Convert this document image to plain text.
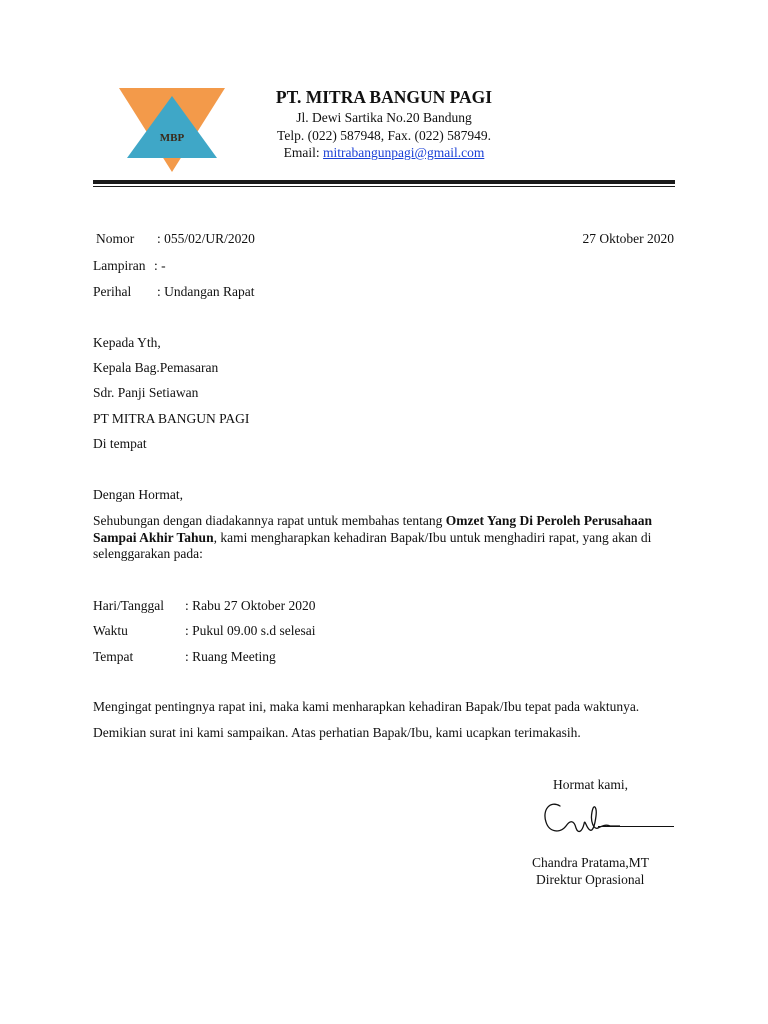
MBP
PT. MITRA BANGUN PAGI
Jl. Dewi Sartika No.20 Bandung
Telp. (022) 587948, Fax. (022) 587949.
Email: mitrabangunpagi@gmail.com
Nomor : 055/02/UR/2020	27 Oktober 2020
Lampiran : -
Perihal : Undangan Rapat
Kepada Yth,
Kepala Bag.Pemasaran
Sdr. Panji Setiawan
PT MITRA BANGUN PAGI
Di tempat
Dengan Hormat,
Sehubungan dengan diadakannya rapat untuk membahas tentang Omzet Yang Di Peroleh Perusahaan Sampai Akhir Tahun, kami mengharapkan kehadiran Bapak/Ibu untuk menghadiri rapat, yang akan di selenggarakan pada:
Hari/Tanggal : Rabu 27 Oktober 2020
Waktu	: Pukul 09.00 s.d selesai
Tempat	: Ruang Meeting
Mengingat pentingnya rapat ini, maka kami menharapkan kehadiran Bapak/Ibu tepat pada waktunya.
Demikian surat ini kami sampaikan. Atas perhatian Bapak/Ibu, kami ucapkan terimakasih.
Hormat kami,
Chandra Pratama,MT
Direktur Oprasional
